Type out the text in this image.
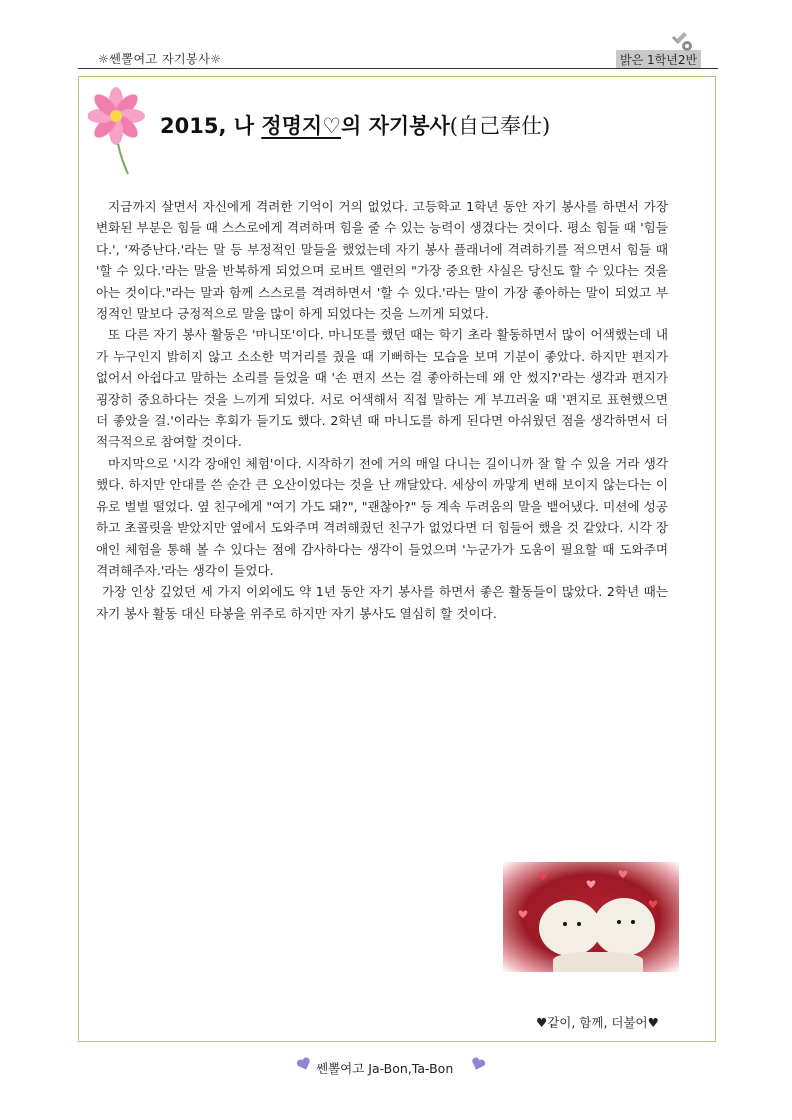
☼쎈뽈여고 자기봉사☼	밝은 1학년2반
2015, 나 정명지♡의 자기봉사(自己奉仕)

지금까지 살면서 자신에게 격려한 기억이 거의 없었다. 고등학교 1학년 동안 자기 봉사를 하면서 가장 변화된 부분은 힘들 때 스스로에게 격려하며 힘을 줄 수 있는 능력이 생겼다는 것이다. 평소 힘들 때 '힘들다.', '짜증난다.'라는 말 등 부정적인 말들을 했었는데 자기 봉사 플래너에 격려하기를 적으면서 힘들 때 '할 수 있다.'라는 말을 반복하게 되었으며 로버트 앨런의 "가장 중요한 사실은 당신도 할 수 있다는 것을 아는 것이다."라는 말과 함께 스스로를 격려하면서 '할 수 있다.'라는 말이 가장 좋아하는 말이 되었고 부정적인 말보다 긍정적으로 말을 많이 하게 되었다는 것을 느끼게 되었다.

또 다른 자기 봉사 활동은 '마니또'이다. 마니또를 했던 때는 학기 초라 활동하면서 많이 어색했는데 내가 누구인지 밝히지 않고 소소한 먹거리를 줬을 때 기뻐하는 모습을 보며 기분이 좋았다. 하지만 편지가 없어서 아쉽다고 말하는 소리를 들었을 때 '손 편지 쓰는 걸 좋아하는데 왜 안 썼지?'라는 생각과 편지가 굉장히 중요하다는 것을 느끼게 되었다. 서로 어색해서 직접 말하는 게 부끄러울 때 '편지로 표현했으면 더 좋았을 걸.'이라는 후회가 들기도 했다. 2학년 때 마니도를 하게 된다면 아쉬웠던 점을 생각하면서 더 적극적으로 참여할 것이다.

마지막으로 '시각 장애인 체험'이다. 시작하기 전에 거의 매일 다니는 길이니까 잘 할 수 있을 거라 생각했다. 하지만 안대를 쓴 순간 큰 오산이었다는 것을 난 깨달았다. 세상이 까맣게 변해 보이지 않는다는 이유로 벌벌 떨었다. 옆 친구에게 "여기 가도 돼?", "괜찮아?" 등 계속 두려움의 말을 뱉어냈다. 미션에 성공하고 초콜릿을 받았지만 옆에서 도와주며 격려해줬던 친구가 없었다면 더 힘들어 했을 것 같았다. 시각 장애인 체험을 통해 볼 수 있다는 점에 감사하다는 생각이 들었으며 '누군가가 도움이 필요할 때 도와주며 격려해주자.'라는 생각이 들었다.

가장 인상 깊었던 세 가지 이외에도 약 1년 동안 자기 봉사를 하면서 좋은 활동들이 많았다. 2학년 때는 자기 봉사 활동 대신 타봉을 위주로 하지만 자기 봉사도 열심히 할 것이다.

♥같이, 함께, 더불어♥
쎈뽈여고 Ja-Bon,Ta-Bon
